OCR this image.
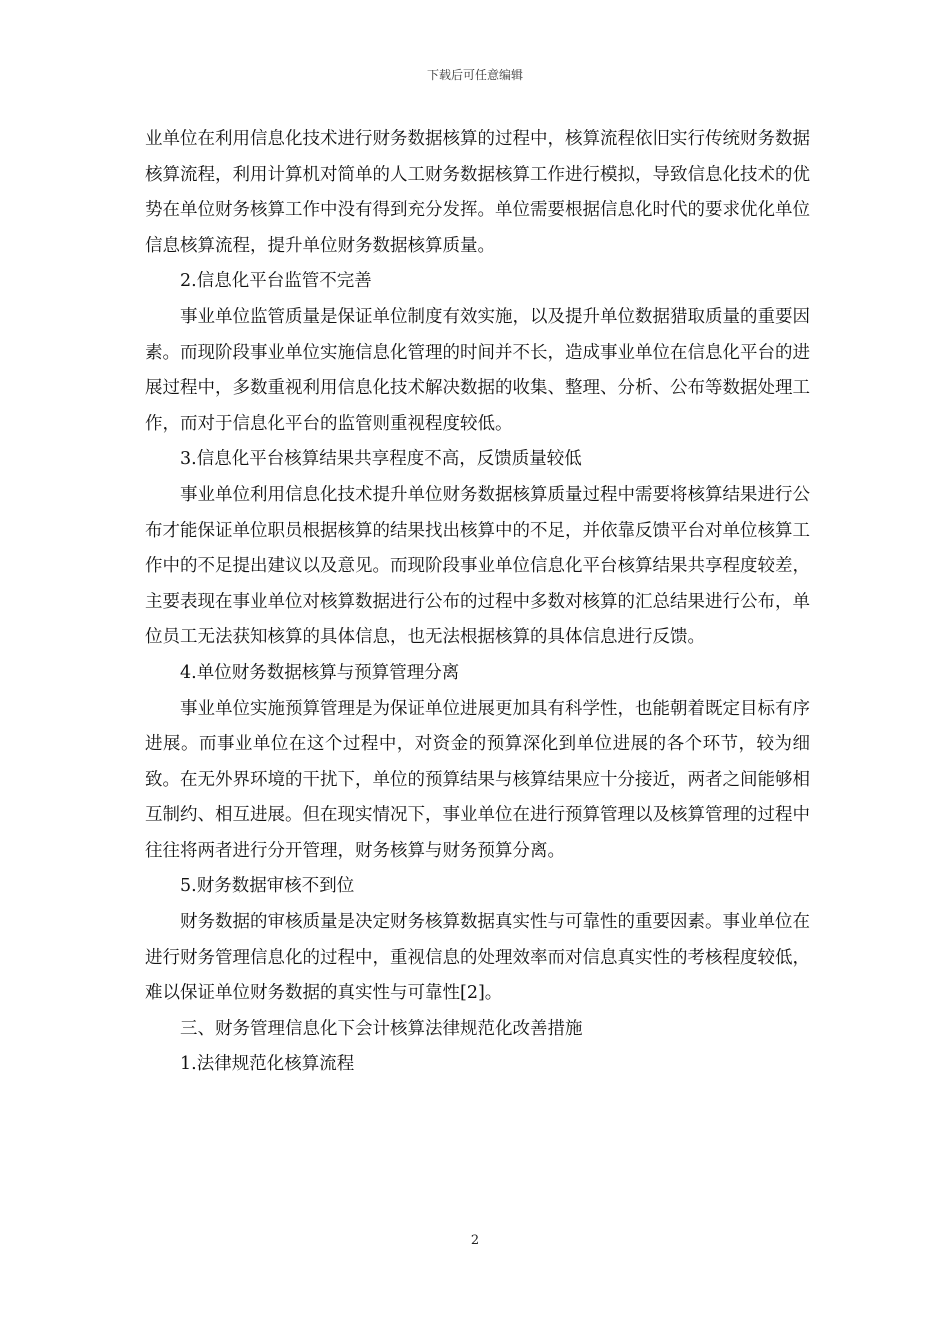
下载后可任意编辑

业单位在利用信息化技术进行财务数据核算的过程中，核算流程依旧实行传统财务数据核算流程，利用计算机对简单的人工财务数据核算工作进行模拟，导致信息化技术的优势在单位财务核算工作中没有得到充分发挥。单位需要根据信息化时代的要求优化单位信息核算流程，提升单位财务数据核算质量。

2.信息化平台监管不完善

事业单位监管质量是保证单位制度有效实施，以及提升单位数据猎取质量的重要因素。而现阶段事业单位实施信息化管理的时间并不长，造成事业单位在信息化平台的进展过程中，多数重视利用信息化技术解决数据的收集、整理、分析、公布等数据处理工作，而对于信息化平台的监管则重视程度较低。

3.信息化平台核算结果共享程度不高，反馈质量较低

事业单位利用信息化技术提升单位财务数据核算质量过程中需要将核算结果进行公布才能保证单位职员根据核算的结果找出核算中的不足，并依靠反馈平台对单位核算工作中的不足提出建议以及意见。而现阶段事业单位信息化平台核算结果共享程度较差，主要表现在事业单位对核算数据进行公布的过程中多数对核算的汇总结果进行公布，单位员工无法获知核算的具体信息，也无法根据核算的具体信息进行反馈。

4.单位财务数据核算与预算管理分离

事业单位实施预算管理是为保证单位进展更加具有科学性，也能朝着既定目标有序进展。而事业单位在这个过程中，对资金的预算深化到单位进展的各个环节，较为细致。在无外界环境的干扰下，单位的预算结果与核算结果应十分接近，两者之间能够相互制约、相互进展。但在现实情况下，事业单位在进行预算管理以及核算管理的过程中往往将两者进行分开管理，财务核算与财务预算分离。

5.财务数据审核不到位

财务数据的审核质量是决定财务核算数据真实性与可靠性的重要因素。事业单位在进行财务管理信息化的过程中，重视信息的处理效率而对信息真实性的考核程度较低，难以保证单位财务数据的真实性与可靠性[2]。

三、财务管理信息化下会计核算法律规范化改善措施

1.法律规范化核算流程

2
